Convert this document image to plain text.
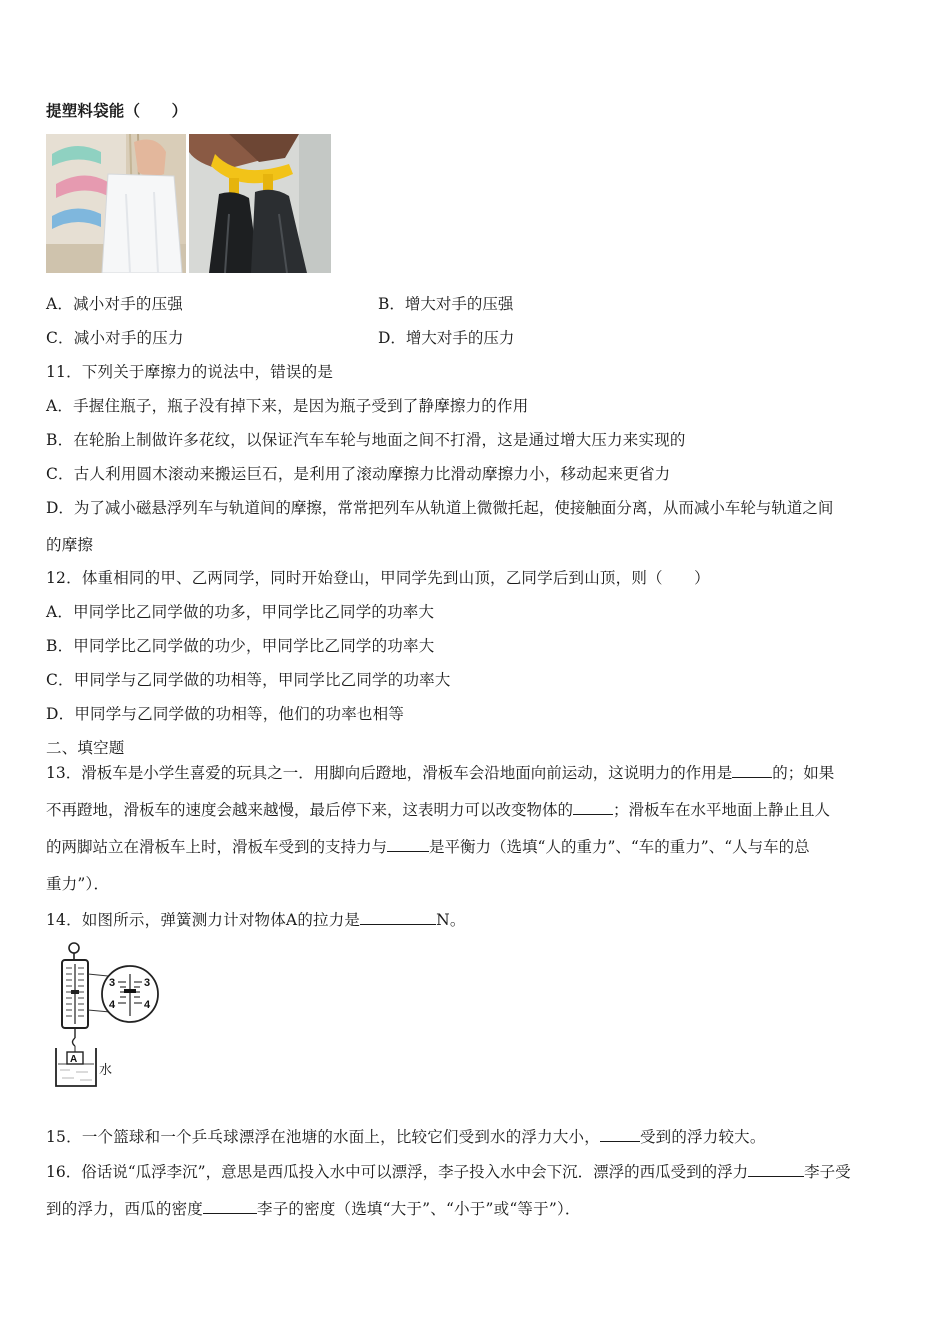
提塑料袋能（　　）
A．减小对手的压强	B．增大对手的压强
C．减小对手的压力	D．增大对手的压力
11．下列关于摩擦力的说法中，错误的是
A．手握住瓶子，瓶子没有掉下来，是因为瓶子受到了静摩擦力的作用
B．在轮胎上制做许多花纹，以保证汽车车轮与地面之间不打滑，这是通过增大压力来实现的
C．古人利用圆木滚动来搬运巨石，是利用了滚动摩擦力比滑动摩擦力小，移动起来更省力
D．为了减小磁悬浮列车与轨道间的摩擦，常常把列车从轨道上微微托起，使接触面分离，从而减小车轮与轨道之间
的摩擦
12．体重相同的甲、乙两同学，同时开始登山，甲同学先到山顶，乙同学后到山顶，则（　　）
A．甲同学比乙同学做的功多，甲同学比乙同学的功率大
B．甲同学比乙同学做的功少，甲同学比乙同学的功率大
C．甲同学与乙同学做的功相等，甲同学比乙同学的功率大
D．甲同学与乙同学做的功相等，他们的功率也相等
二、填空题
13．滑板车是小学生喜爱的玩具之一．用脚向后蹬地，滑板车会沿地面向前运动，这说明力的作用是	的；如果
不再蹬地，滑板车的速度会越来越慢，最后停下来，这表明力可以改变物体的	；滑板车在水平地面上静止且人
的两脚站立在滑板车上时，滑板车受到的支持力与	是平衡力（选填“人的重力”、“车的重力”、“人与车的总
重力”）．
14．如图所示，弹簧测力计对物体A的拉力是	N。
3	3
4	4
A
水
15．一个篮球和一个乒乓球漂浮在池塘的水面上，比较它们受到水的浮力大小，	受到的浮力较大。
16．俗话说“瓜浮李沉”，意思是西瓜投入水中可以漂浮，李子投入水中会下沉．漂浮的西瓜受到的浮力	李子受
到的浮力，西瓜的密度	李子的密度（选填“大于”、“小于”或“等于”）．
